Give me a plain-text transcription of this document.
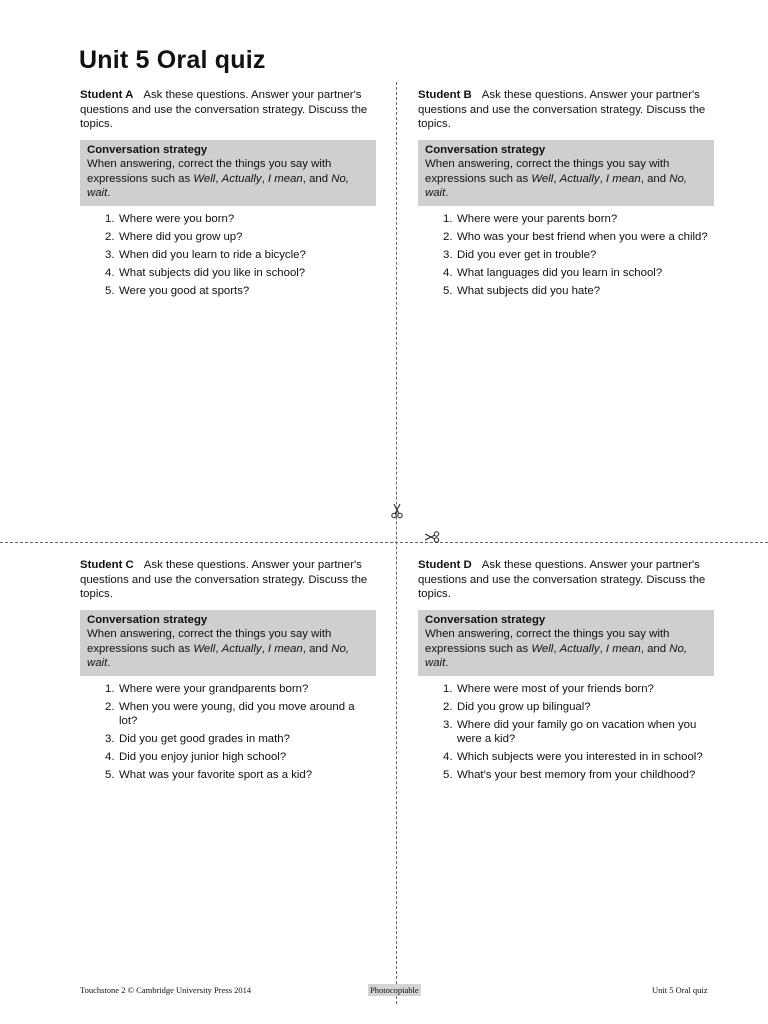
Unit 5 Oral quiz
Student A Ask these questions. Answer your partner's questions and use the conversation strategy. Discuss the topics.
Conversation strategy
When answering, correct the things you say with expressions such as Well, Actually, I mean, and No, wait.
1. Where were you born?
2. Where did you grow up?
3. When did you learn to ride a bicycle?
4. What subjects did you like in school?
5. Were you good at sports?
Student B Ask these questions. Answer your partner's questions and use the conversation strategy. Discuss the topics.
Conversation strategy
When answering, correct the things you say with expressions such as Well, Actually, I mean, and No, wait.
1. Where were your parents born?
2. Who was your best friend when you were a child?
3. Did you ever get in trouble?
4. What languages did you learn in school?
5. What subjects did you hate?
Student C Ask these questions. Answer your partner's questions and use the conversation strategy. Discuss the topics.
Conversation strategy
When answering, correct the things you say with expressions such as Well, Actually, I mean, and No, wait.
1. Where were your grandparents born?
2. When you were young, did you move around a lot?
3. Did you get good grades in math?
4. Did you enjoy junior high school?
5. What was your favorite sport as a kid?
Student D Ask these questions. Answer your partner's questions and use the conversation strategy. Discuss the topics.
Conversation strategy
When answering, correct the things you say with expressions such as Well, Actually, I mean, and No, wait.
1. Where were most of your friends born?
2. Did you grow up bilingual?
3. Where did your family go on vacation when you were a kid?
4. Which subjects were you interested in in school?
5. What's your best memory from your childhood?
Touchstone 2 © Cambridge University Press 2014	Photocopiable	Unit 5 Oral quiz
